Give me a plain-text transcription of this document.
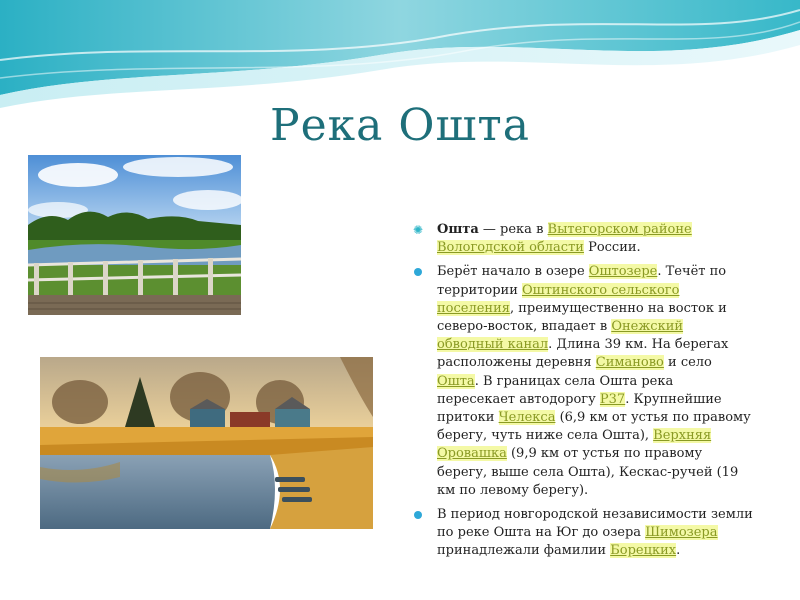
Река Ошта
✺ Ошта — река в Вытегорском районе Вологодской области России.
Берёт начало в озере Оштозере. Течёт по территории Оштинского сельского поселения, преимущественно на восток и северо-восток, впадает в Онежский обводный канал. Длина 39 км. На берегах расположены деревня Симаново и село Ошта. В границах села Ошта река пересекает автодорогу Р37. Крупнейшие притоки Челекса (6,9 км от устья по правому берегу, чуть ниже села Ошта), Верхняя Оровашка (9,9 км от устья по правому берегу, выше села Ошта), Кескас-ручей (19 км по левому берегу).
В период новгородской независимости земли по реке Ошта на Юг до озера Шимозера принадлежали фамилии Борецких.
